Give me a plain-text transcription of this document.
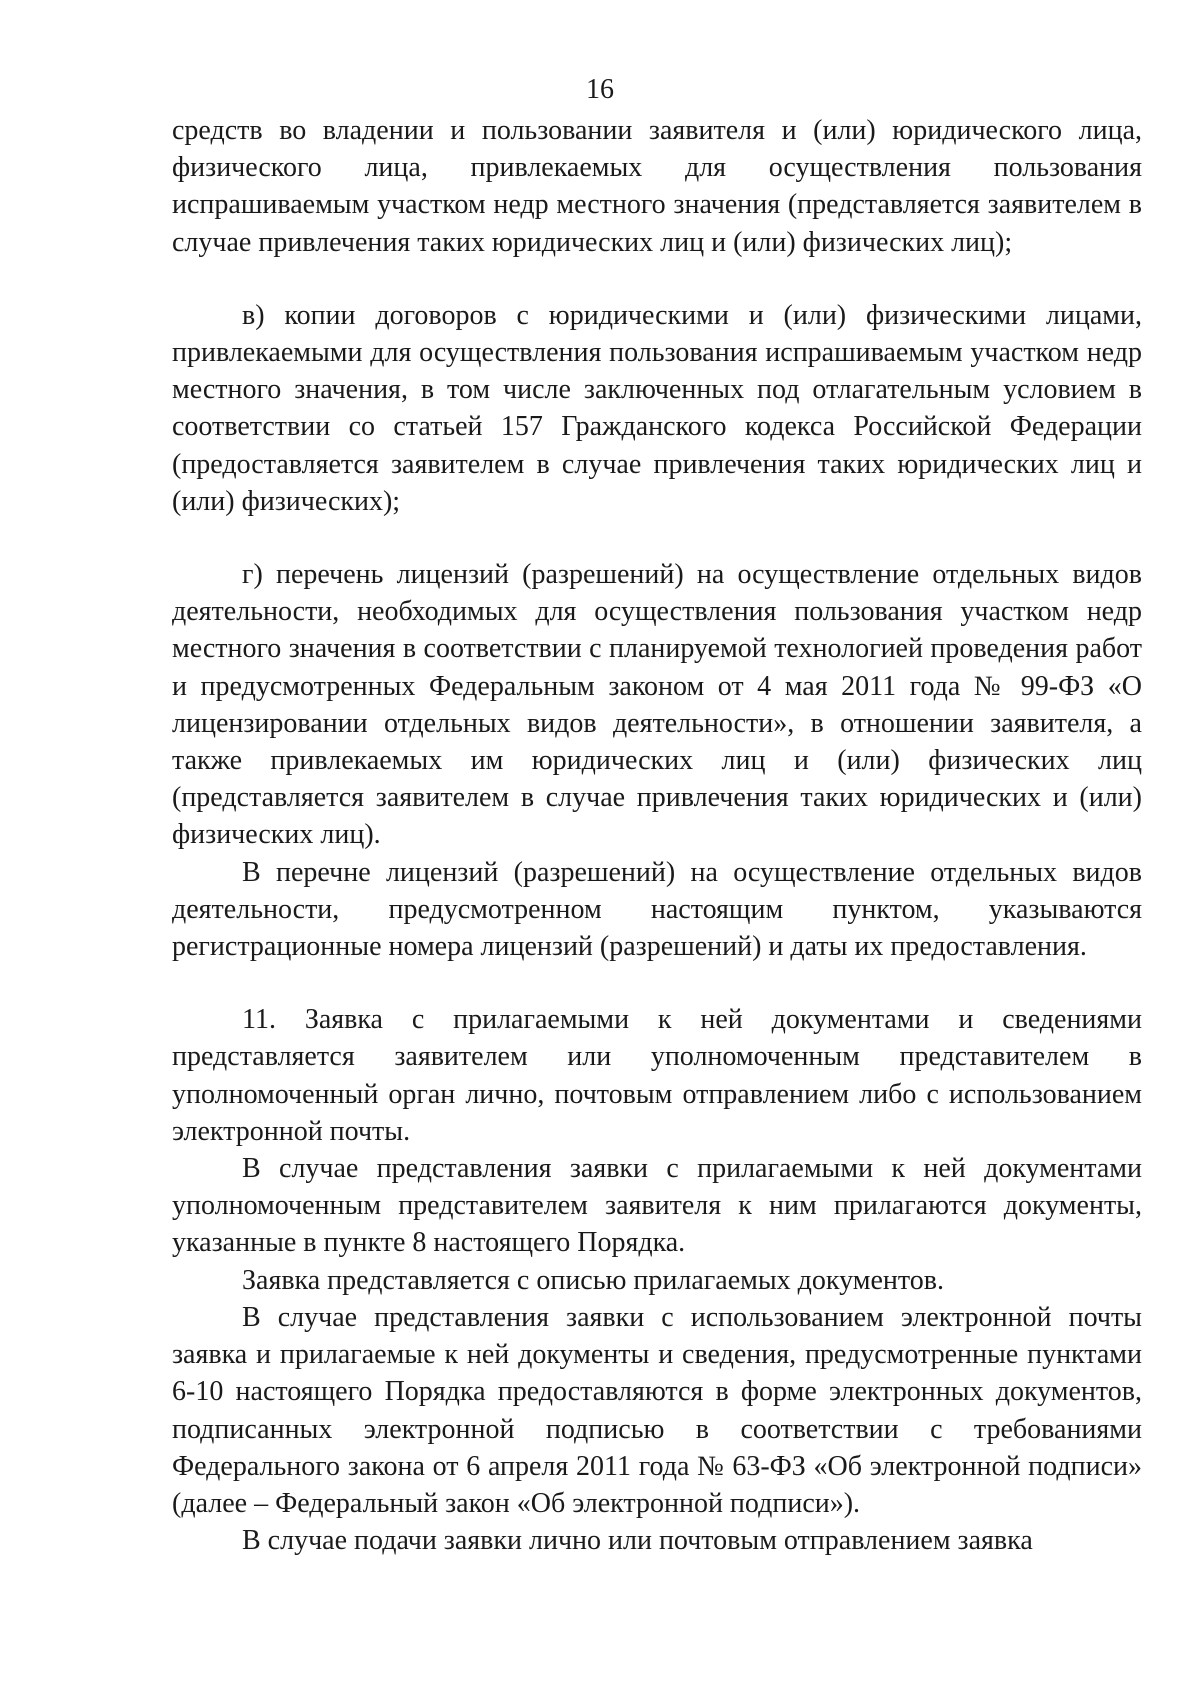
16

средств во владении и пользовании заявителя и (или) юридического лица, физического лица, привлекаемых для осуществления пользования испрашиваемым участком недр местного значения (представляется заявителем в случае привлечения таких юридических лиц и (или) физических лиц);

в) копии договоров с юридическими и (или) физическими лицами, привлекаемыми для осуществления пользования испрашиваемым участком недр местного значения, в том числе заключенных под отлагательным условием в соответствии со статьей 157 Гражданского кодекса Российской Федерации (предоставляется заявителем в случае привлечения таких юридических лиц и (или) физических);

г) перечень лицензий (разрешений) на осуществление отдельных видов деятельности, необходимых для осуществления пользования участком недр местного значения в соответствии с планируемой технологией проведения работ и предусмотренных Федеральным законом от 4 мая 2011 года № 99-ФЗ «О лицензировании отдельных видов деятельности», в отношении заявителя, а также привлекаемых им юридических лиц и (или) физических лиц (представляется заявителем в случае привлечения таких юридических и (или) физических лиц).

В перечне лицензий (разрешений) на осуществление отдельных видов деятельности, предусмотренном настоящим пунктом, указываются регистрационные номера лицензий (разрешений) и даты их предоставления.

11. Заявка с прилагаемыми к ней документами и сведениями представляется заявителем или уполномоченным представителем в уполномоченный орган лично, почтовым отправлением либо с использованием электронной почты.

В случае представления заявки с прилагаемыми к ней документами уполномоченным представителем заявителя к ним прилагаются документы, указанные в пункте 8 настоящего Порядка.

Заявка представляется с описью прилагаемых документов.

В случае представления заявки с использованием электронной почты заявка и прилагаемые к ней документы и сведения, предусмотренные пунктами 6-10 настоящего Порядка предоставляются в форме электронных документов, подписанных электронной подписью в соответствии с требованиями Федерального закона от 6 апреля 2011 года № 63-ФЗ «Об электронной подписи» (далее – Федеральный закон «Об электронной подписи»).

В случае подачи заявки лично или почтовым отправлением заявка
